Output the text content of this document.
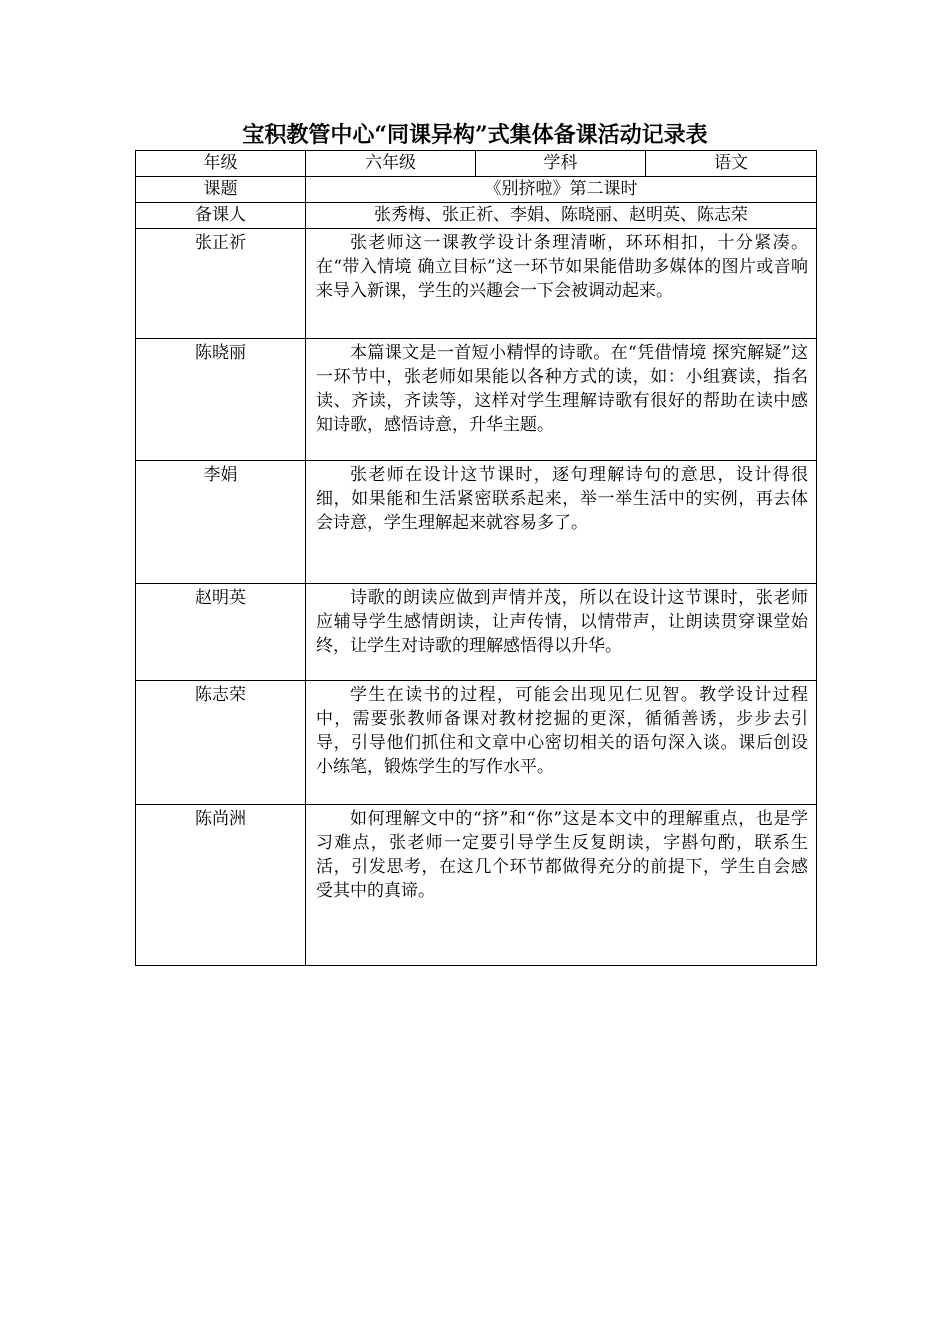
宝积教管中心“同课异构”式集体备课活动记录表
年级	六年级	学科	语文
课题	《别挤啦》第二课时		
备课人	张秀梅、张正祈、李娟、陈晓丽、赵明英、陈志荣		
张正祈	张老师这一课教学设计条理清晰，环环相扣，十分紧凑。在“带入情境 确立目标”这一环节如果能借助多媒体的图片或音响来导入新课，学生的兴趣会一下会被调动起来。		
陈晓丽	本篇课文是一首短小精悍的诗歌。在“凭借情境 探究解疑”这一环节中，张老师如果能以各种方式的读，如：小组赛读，指名读、齐读，齐读等，这样对学生理解诗歌有很好的帮助在读中感知诗歌，感悟诗意，升华主题。		
李娟	张老师在设计这节课时，逐句理解诗句的意思，设计得很细，如果能和生活紧密联系起来，举一举生活中的实例，再去体会诗意，学生理解起来就容易多了。		
赵明英	诗歌的朗读应做到声情并茂，所以在设计这节课时，张老师应辅导学生感情朗读，让声传情，以情带声，让朗读贯穿课堂始终，让学生对诗歌的理解感悟得以升华。		
陈志荣	学生在读书的过程，可能会出现见仁见智。教学设计过程中，需要张教师备课对教材挖掘的更深，循循善诱，步步去引导，引导他们抓住和文章中心密切相关的语句深入谈。课后创设小练笔，锻炼学生的写作水平。		
陈尚洲	如何理解文中的“挤”和“你”这是本文中的理解重点，也是学习难点，张老师一定要引导学生反复朗读，字斟句酌，联系生活，引发思考，在这几个环节都做得充分的前提下，学生自会感受其中的真谛。		
